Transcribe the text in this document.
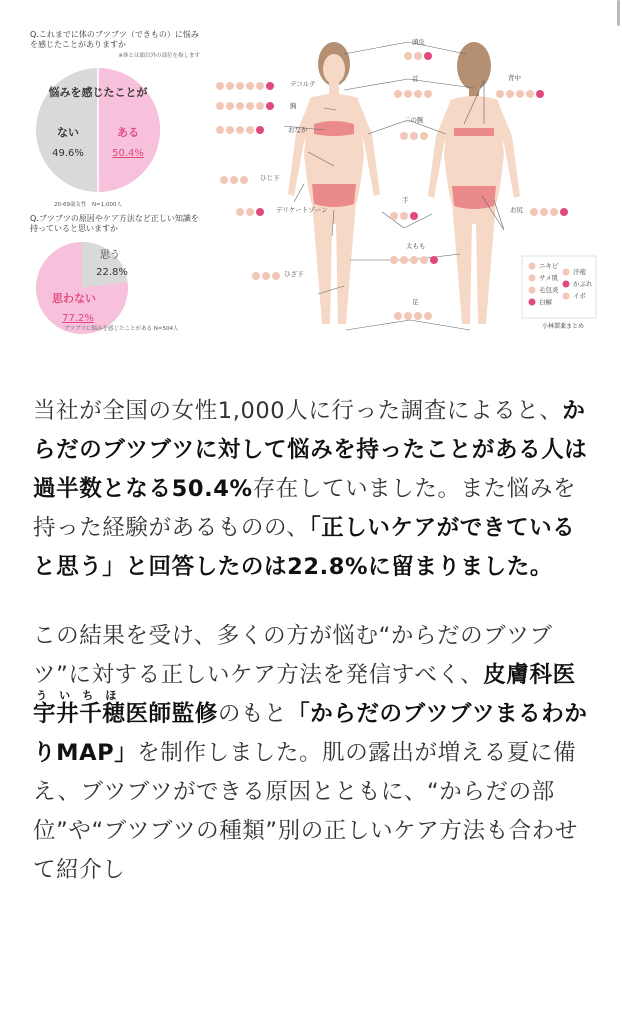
Q.これまでに体のブツブツ（できもの）に悩みを感じたことがありますか

※体とは顔以外の部位を指します
悩みを感じたことが
ない
49.6%
ある
50.4%
20-69歳女性　N=1,000人

Q.ブツブツの原因やケア方法など正しい知識を持っていると思いますか

思う
22.8%
思わない
77.2%
ブツブツに悩みを感じたことがある N=504人
頭皮
デコルテ
首	背中
胸
二の腕
おなか
ひじ下
デリケートゾーン
手
お尻
太もも
ひざ下
足
ニキビ
サメ肌
毛包炎
白癬
汗疱
かぶれ
イボ
小林製薬まとめ

当社が全国の女性1,000人に行った調査によると、からだのブツブツに対して悩みを持ったことがある人は過半数となる50.4%存在していました。また悩みを持った経験があるものの、「正しいケアができていると思う」と回答したのは22.8%に留まりました。

この結果を受け、多くの方が悩む“からだのブツブツ”に対する正しいケア方法を発信すべく、皮膚科医 宇う井い千ち穂ほ医師監修のもと「からだのブツブツまるわかりMAP」を制作しました。肌の露出が増える夏に備え、ブツブツができる原因とともに、“からだの部位”や“ブツブツの種類”別の正しいケア方法も合わせて紹介し
